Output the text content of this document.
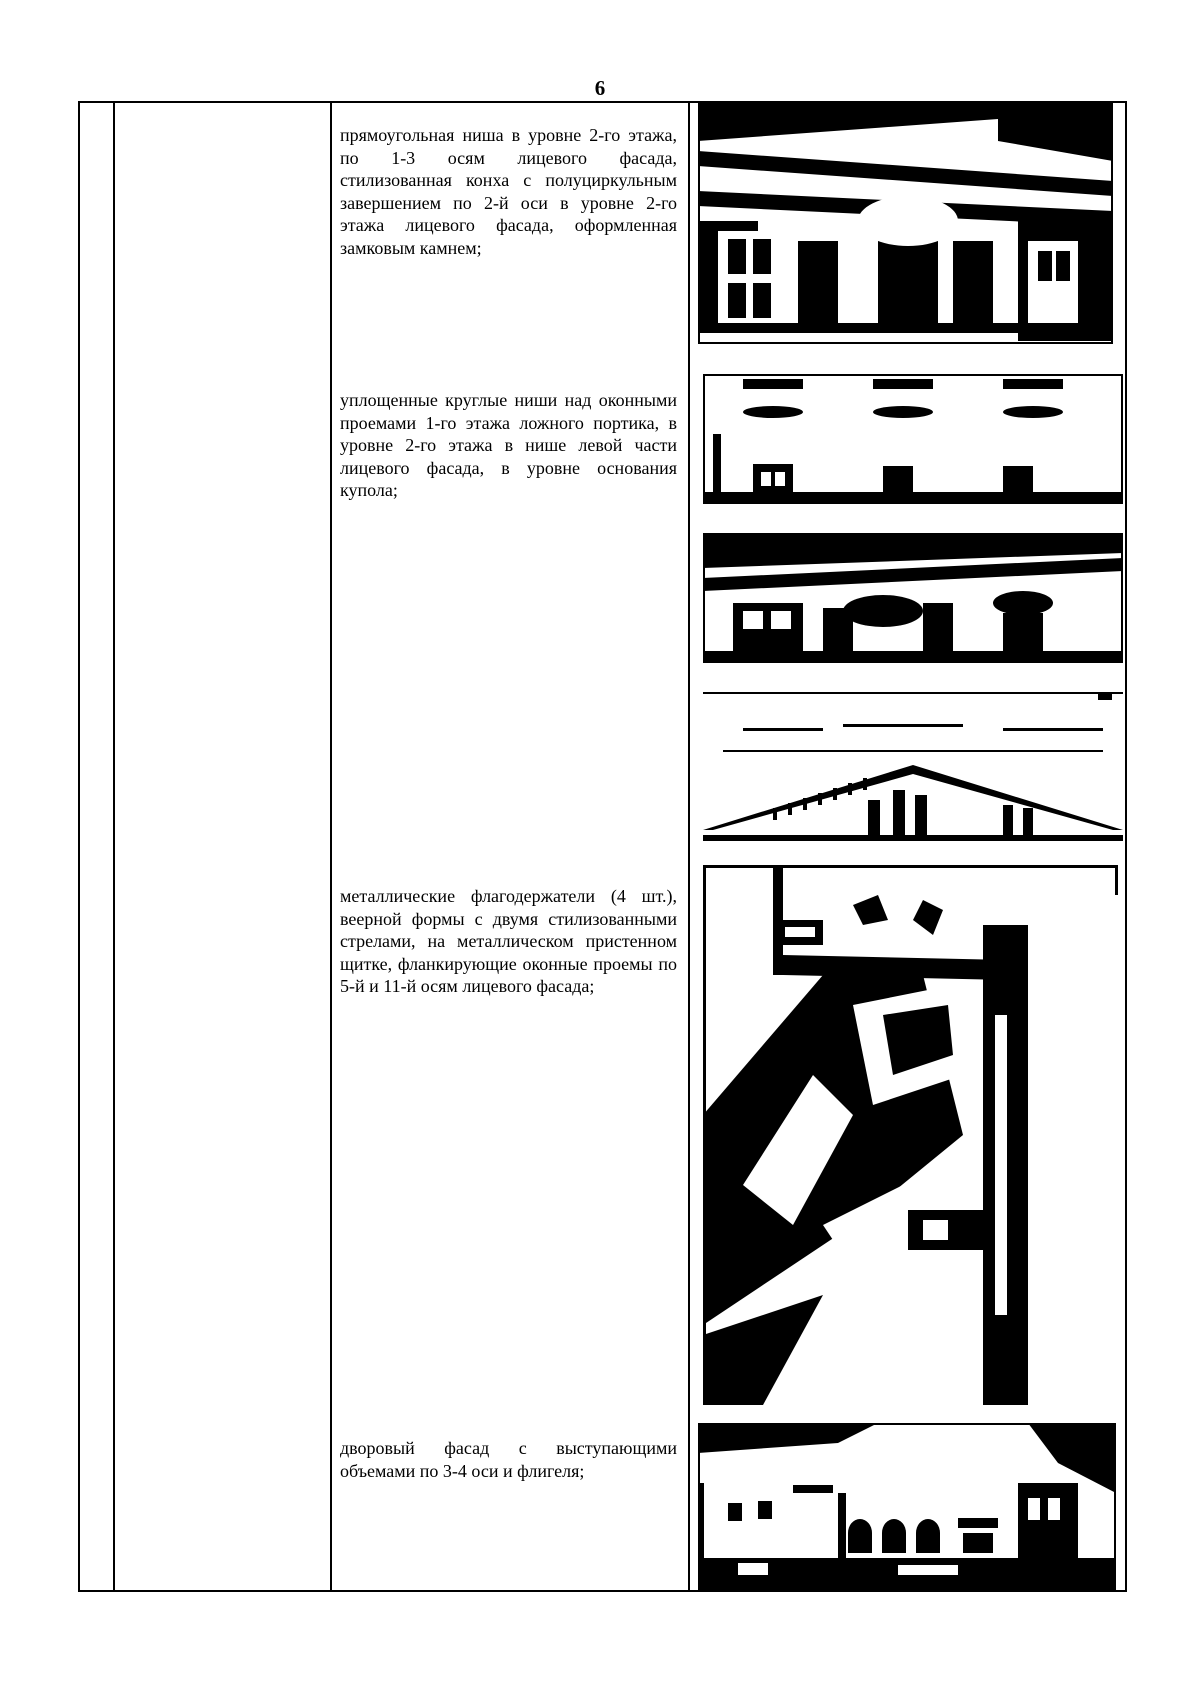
6
прямоугольная ниша в уровне 2-го этажа, по 1-3 осям лицевого фасада, стилизованная конха с полуциркульным завершением по 2-й оси в уровне 2-го этажа лицевого фасада, оформленная замковым камнем;
уплощенные круглые ниши над оконными проемами 1-го этажа ложного портика, в уровне 2-го этажа в нише левой части лицевого фасада, в уровне основания купола;
металлические флагодержатели (4 шт.), веерной формы с двумя стилизованными стрелами, на металлическом пристенном щитке, фланкирующие оконные проемы по 5-й и 11-й осям лицевого фасада;
дворовый фасад с выступающими объемами по 3-4 оси и флигеля;
